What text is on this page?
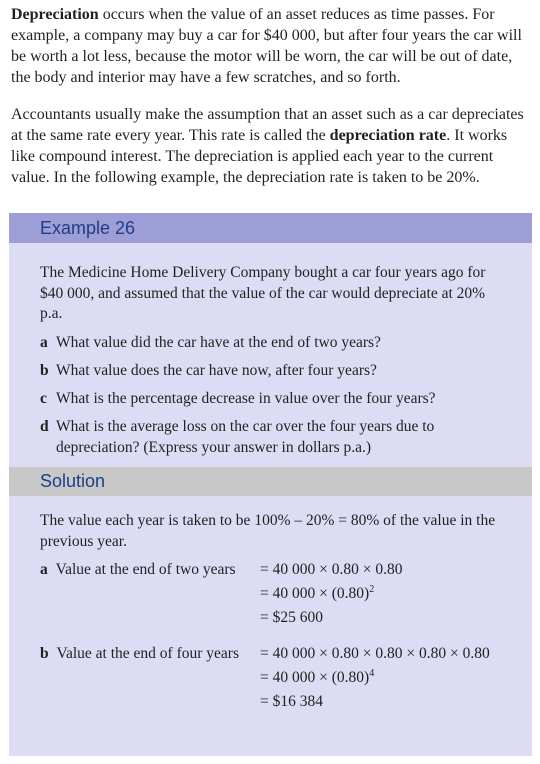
Depreciation occurs when the value of an asset reduces as time passes. For example, a company may buy a car for $40 000, but after four years the car will be worth a lot less, because the motor will be worn, the car will be out of date, the body and interior may have a few scratches, and so forth.

Accountants usually make the assumption that an asset such as a car depreciates at the same rate every year. This rate is called the depreciation rate. It works like compound interest. The depreciation is applied each year to the current value. In the following example, the depreciation rate is taken to be 20%.

Example 26
The Medicine Home Delivery Company bought a car four years ago for $40 000, and assumed that the value of the car would depreciate at 20% p.a.
a What value did the car have at the end of two years?
b What value does the car have now, after four years?
c What is the percentage decrease in value over the four years?
d What is the average loss on the car over the four years due to depreciation? (Express your answer in dollars p.a.)
Solution
The value each year is taken to be 100% – 20% = 80% of the value in the previous year.
a Value at the end of two years = 40 000 × 0.80 × 0.80
= 40 $000 \times (0.80)^2$
= $25 600
b Value at the end of four years = 40 000 × 0.80 × 0.80 × 0.80 × 0.80
= 40 $000 \times (0.80)^4$
= $16 384
